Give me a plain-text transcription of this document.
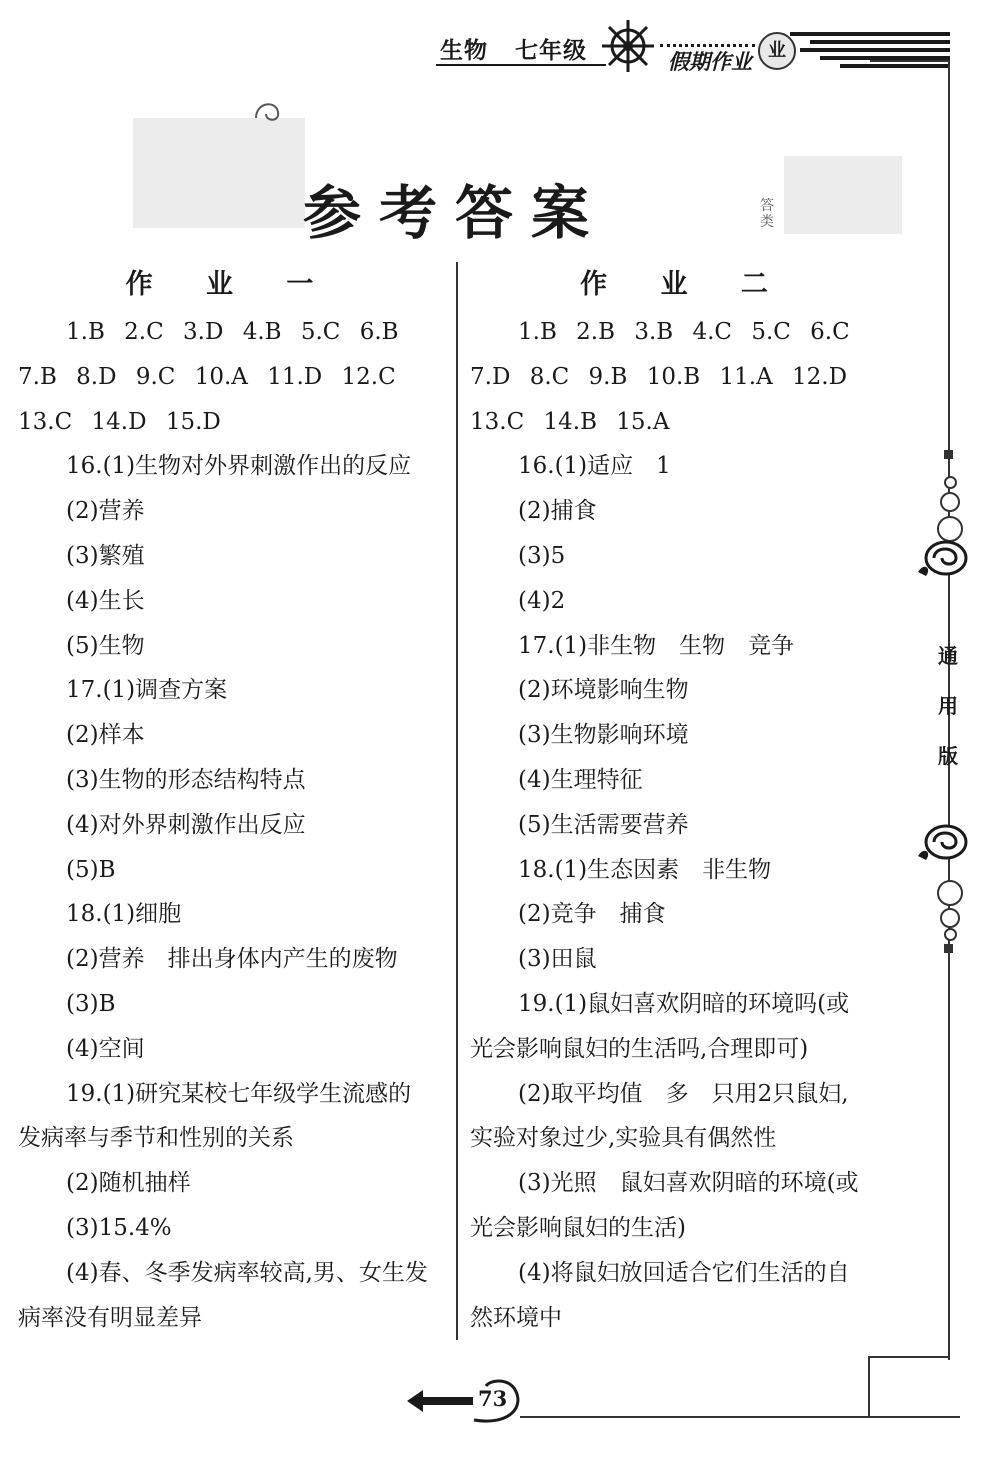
生物 七年级	假期作业 业
参考答案	答
类
作 业 一
1.B 2.C 3.D 4.B 5.C 6.B
7.B 8.D 9.C 10.A 11.D 12.C
13.C 14.D 15.D
16.(1)生物对外界刺激作出的反应
(2)营养
(3)繁殖
(4)生长
(5)生物
17.(1)调查方案
(2)样本
(3)生物的形态结构特点
(4)对外界刺激作出反应
(5)B
18.(1)细胞
(2)营养　排出身体内产生的废物
(3)B
(4)空间
19.(1)研究某校七年级学生流感的
发病率与季节和性别的关系
(2)随机抽样
(3)15.4%
(4)春、冬季发病率较高,男、女生发
病率没有明显差异
作 业 二
1.B 2.B 3.B 4.C 5.C 6.C
7.D 8.C 9.B 10.B 11.A 12.D
13.C 14.B 15.A
16.(1)适应　1
(2)捕食
(3)5
(4)2
17.(1)非生物　生物　竞争
(2)环境影响生物
(3)生物影响环境
(4)生理特征
(5)生活需要营养
18.(1)生态因素　非生物
(2)竞争　捕食
(3)田鼠
19.(1)鼠妇喜欢阴暗的环境吗(或
光会影响鼠妇的生活吗,合理即可)
(2)取平均值　多　只用2只鼠妇,
实验对象过少,实验具有偶然性
(3)光照　鼠妇喜欢阴暗的环境(或
光会影响鼠妇的生活)
(4)将鼠妇放回适合它们生活的自
然环境中
通
用
版
73
